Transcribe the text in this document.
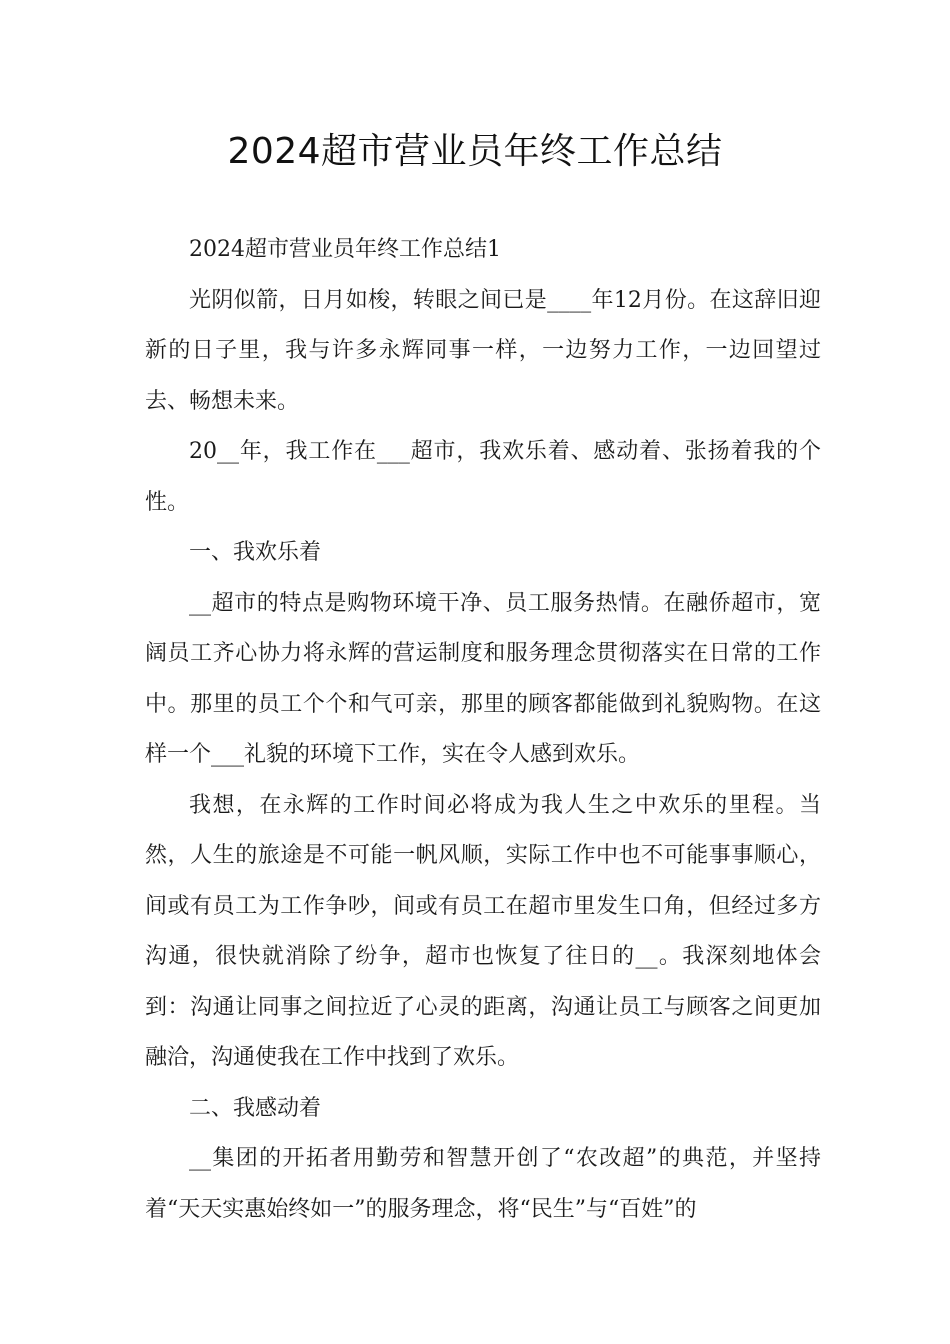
2024超市营业员年终工作总结

2024超市营业员年终工作总结1

光阴似箭，日月如梭，转眼之间已是____年12月份。在这辞旧迎新的日子里，我与许多永辉同事一样，一边努力工作，一边回望过去、畅想未来。

20__年，我工作在___超市，我欢乐着、感动着、张扬着我的个性。

一、我欢乐着

__超市的特点是购物环境干净、员工服务热情。在融侨超市，宽阔员工齐心协力将永辉的营运制度和服务理念贯彻落实在日常的工作中。那里的员工个个和气可亲，那里的顾客都能做到礼貌购物。在这样一个___礼貌的环境下工作，实在令人感到欢乐。

我想，在永辉的工作时间必将成为我人生之中欢乐的里程。当然，人生的旅途是不可能一帆风顺，实际工作中也不可能事事顺心，间或有员工为工作争吵，间或有员工在超市里发生口角，但经过多方沟通，很快就消除了纷争，超市也恢复了往日的__。我深刻地体会到：沟通让同事之间拉近了心灵的距离，沟通让员工与顾客之间更加融洽，沟通使我在工作中找到了欢乐。

二、我感动着

__集团的开拓者用勤劳和智慧开创了“农改超”的典范，并坚持着“天天实惠始终如一”的服务理念，将“民生”与“百姓”的
